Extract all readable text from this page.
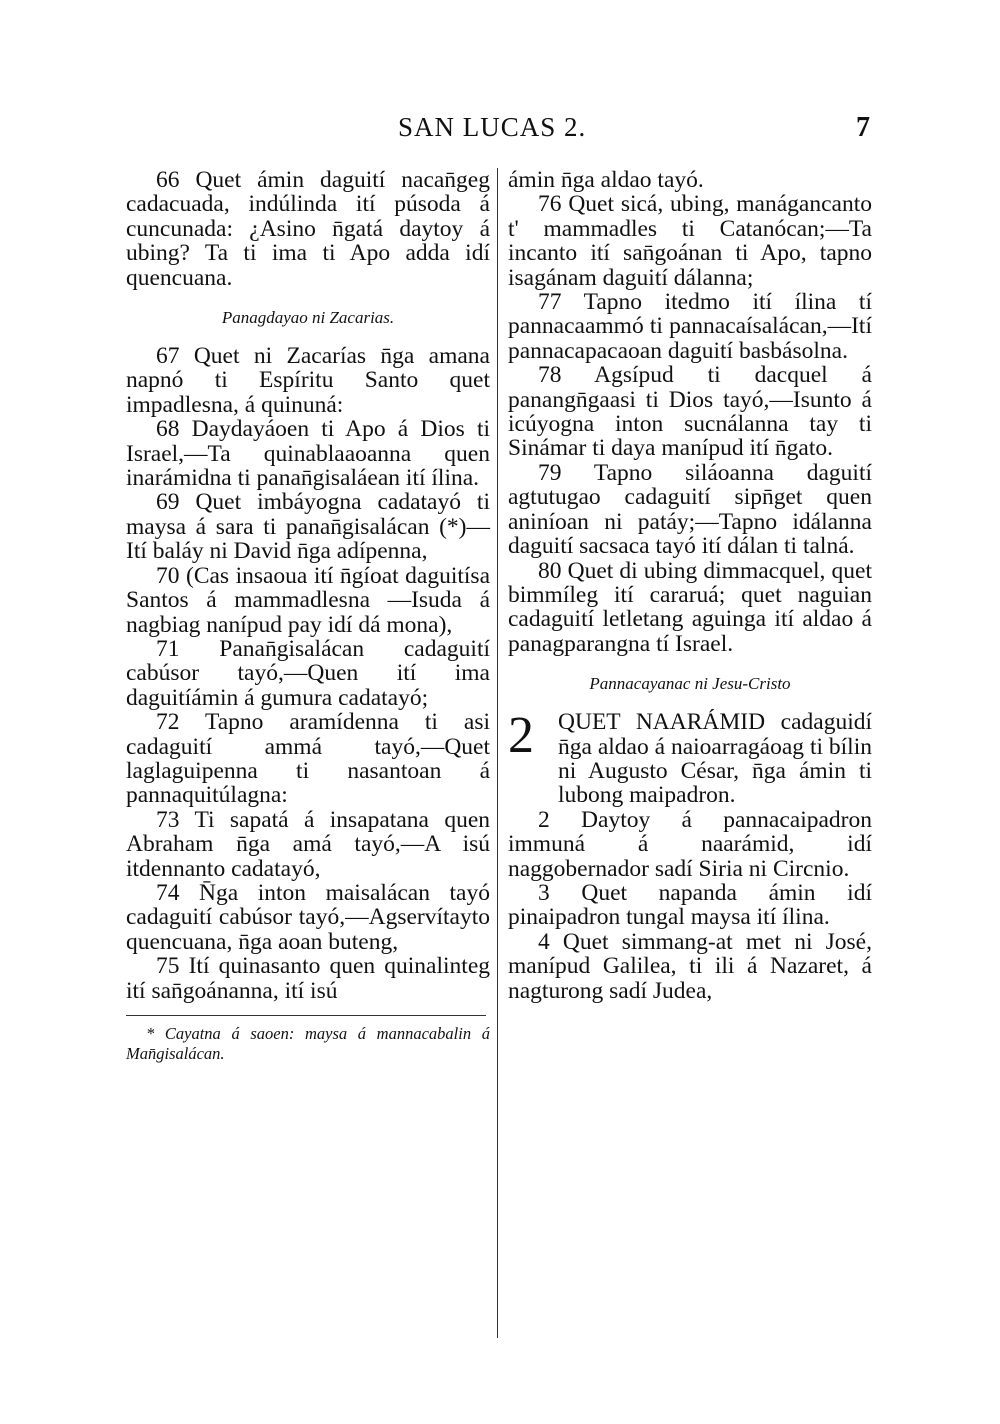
SAN LUCAS 2.	7

66 Quet ámin daguití nacan̄geg cadacuada, indúlinda ití púsoda á cuncunada: ¿Asino n̄gatá daytoy á ubing? Ta ti ima ti Apo adda idí quencuana.

Panagdayao ni Zacarias.

67 Quet ni Zacarías n̄ga amana napnó ti Espíritu Santo quet impadlesna, á quinuná:

68 Daydayáoen ti Apo á Dios ti Israel,—Ta quinablaaoanna quen inarámidna ti panan̄gisaláean ití ílina.

69 Quet imbáyogna cadatayó ti maysa á sara ti panan̄gisalácan (*)—Ití baláy ni David n̄ga adípenna,

70 (Cas insaoua ití n̄gíoat daguitísa Santos á mammadlesna —Isuda á nagbiag nanípud pay idí dá mona),

71 Panan̄gisalácan cadaguití cabúsor tayó,—Quen ití ima daguitíámin á gumura cadatayó;

72 Tapno aramídenna ti asi cadaguití ammá tayó,—Quet laglaguipenna ti nasantoan á pannaquitúlagna:

73 Ti sapatá á insapatana quen Abraham n̄ga amá tayó,—A isú itdennanto cadatayó,

74 N̄ga inton maisalácan tayó cadaguití cabúsor tayó,—Agservítayto quencuana, n̄ga aoan buteng,

75 Ití quinasanto quen quinalinteg ití san̄goánanna, ití isú

* Cayatna á saoen: maysa á mannacabalin á Man̄gisalácan.

ámin n̄ga aldao tayó.

76 Quet sicá, ubing, manágancanto t' mammadles ti Catanócan;—Ta incanto ití san̄goánan ti Apo, tapno isagánam daguití dálanna;

77 Tapno itedmo ití ílina tí pannacaammó ti pannacaísalácan,—Ití pannacapacaoan daguití basbásolna.

78 Agsípud ti dacquel á panangn̄gaasi ti Dios tayó,—Isunto á icúyogna inton sucnálanna tay ti Sinámar ti daya manípud ití n̄gato.

79 Tapno siláoanna daguití agtutugao cadaguití sipn̄get quen aniníoan ni patáy;—Tapno idálanna daguití sacsaca tayó ití dálan ti talná.

80 Quet di ubing dimmacquel, quet bimmíleg ití cararuá; quet naguian cadaguití letletang aguinga ití aldao á panagparangna tí Israel.

Pannacayanac ni Jesu-Cristo

2 QUET NAARÁMID cadaguidí n̄ga aldao á naioarragáoag ti bílin ni Augusto César, n̄ga ámin ti lubong maipadron.

2 Daytoy á pannacaipadron immuná á naarámid, idí naggobernador sadí Siria ni Circnio.

3 Quet napanda ámin idí pinaipadron tungal maysa ití ílina.

4 Quet simmang-at met ni José, manípud Galilea, ti ili á Nazaret, á nagturong sadí Judea,
